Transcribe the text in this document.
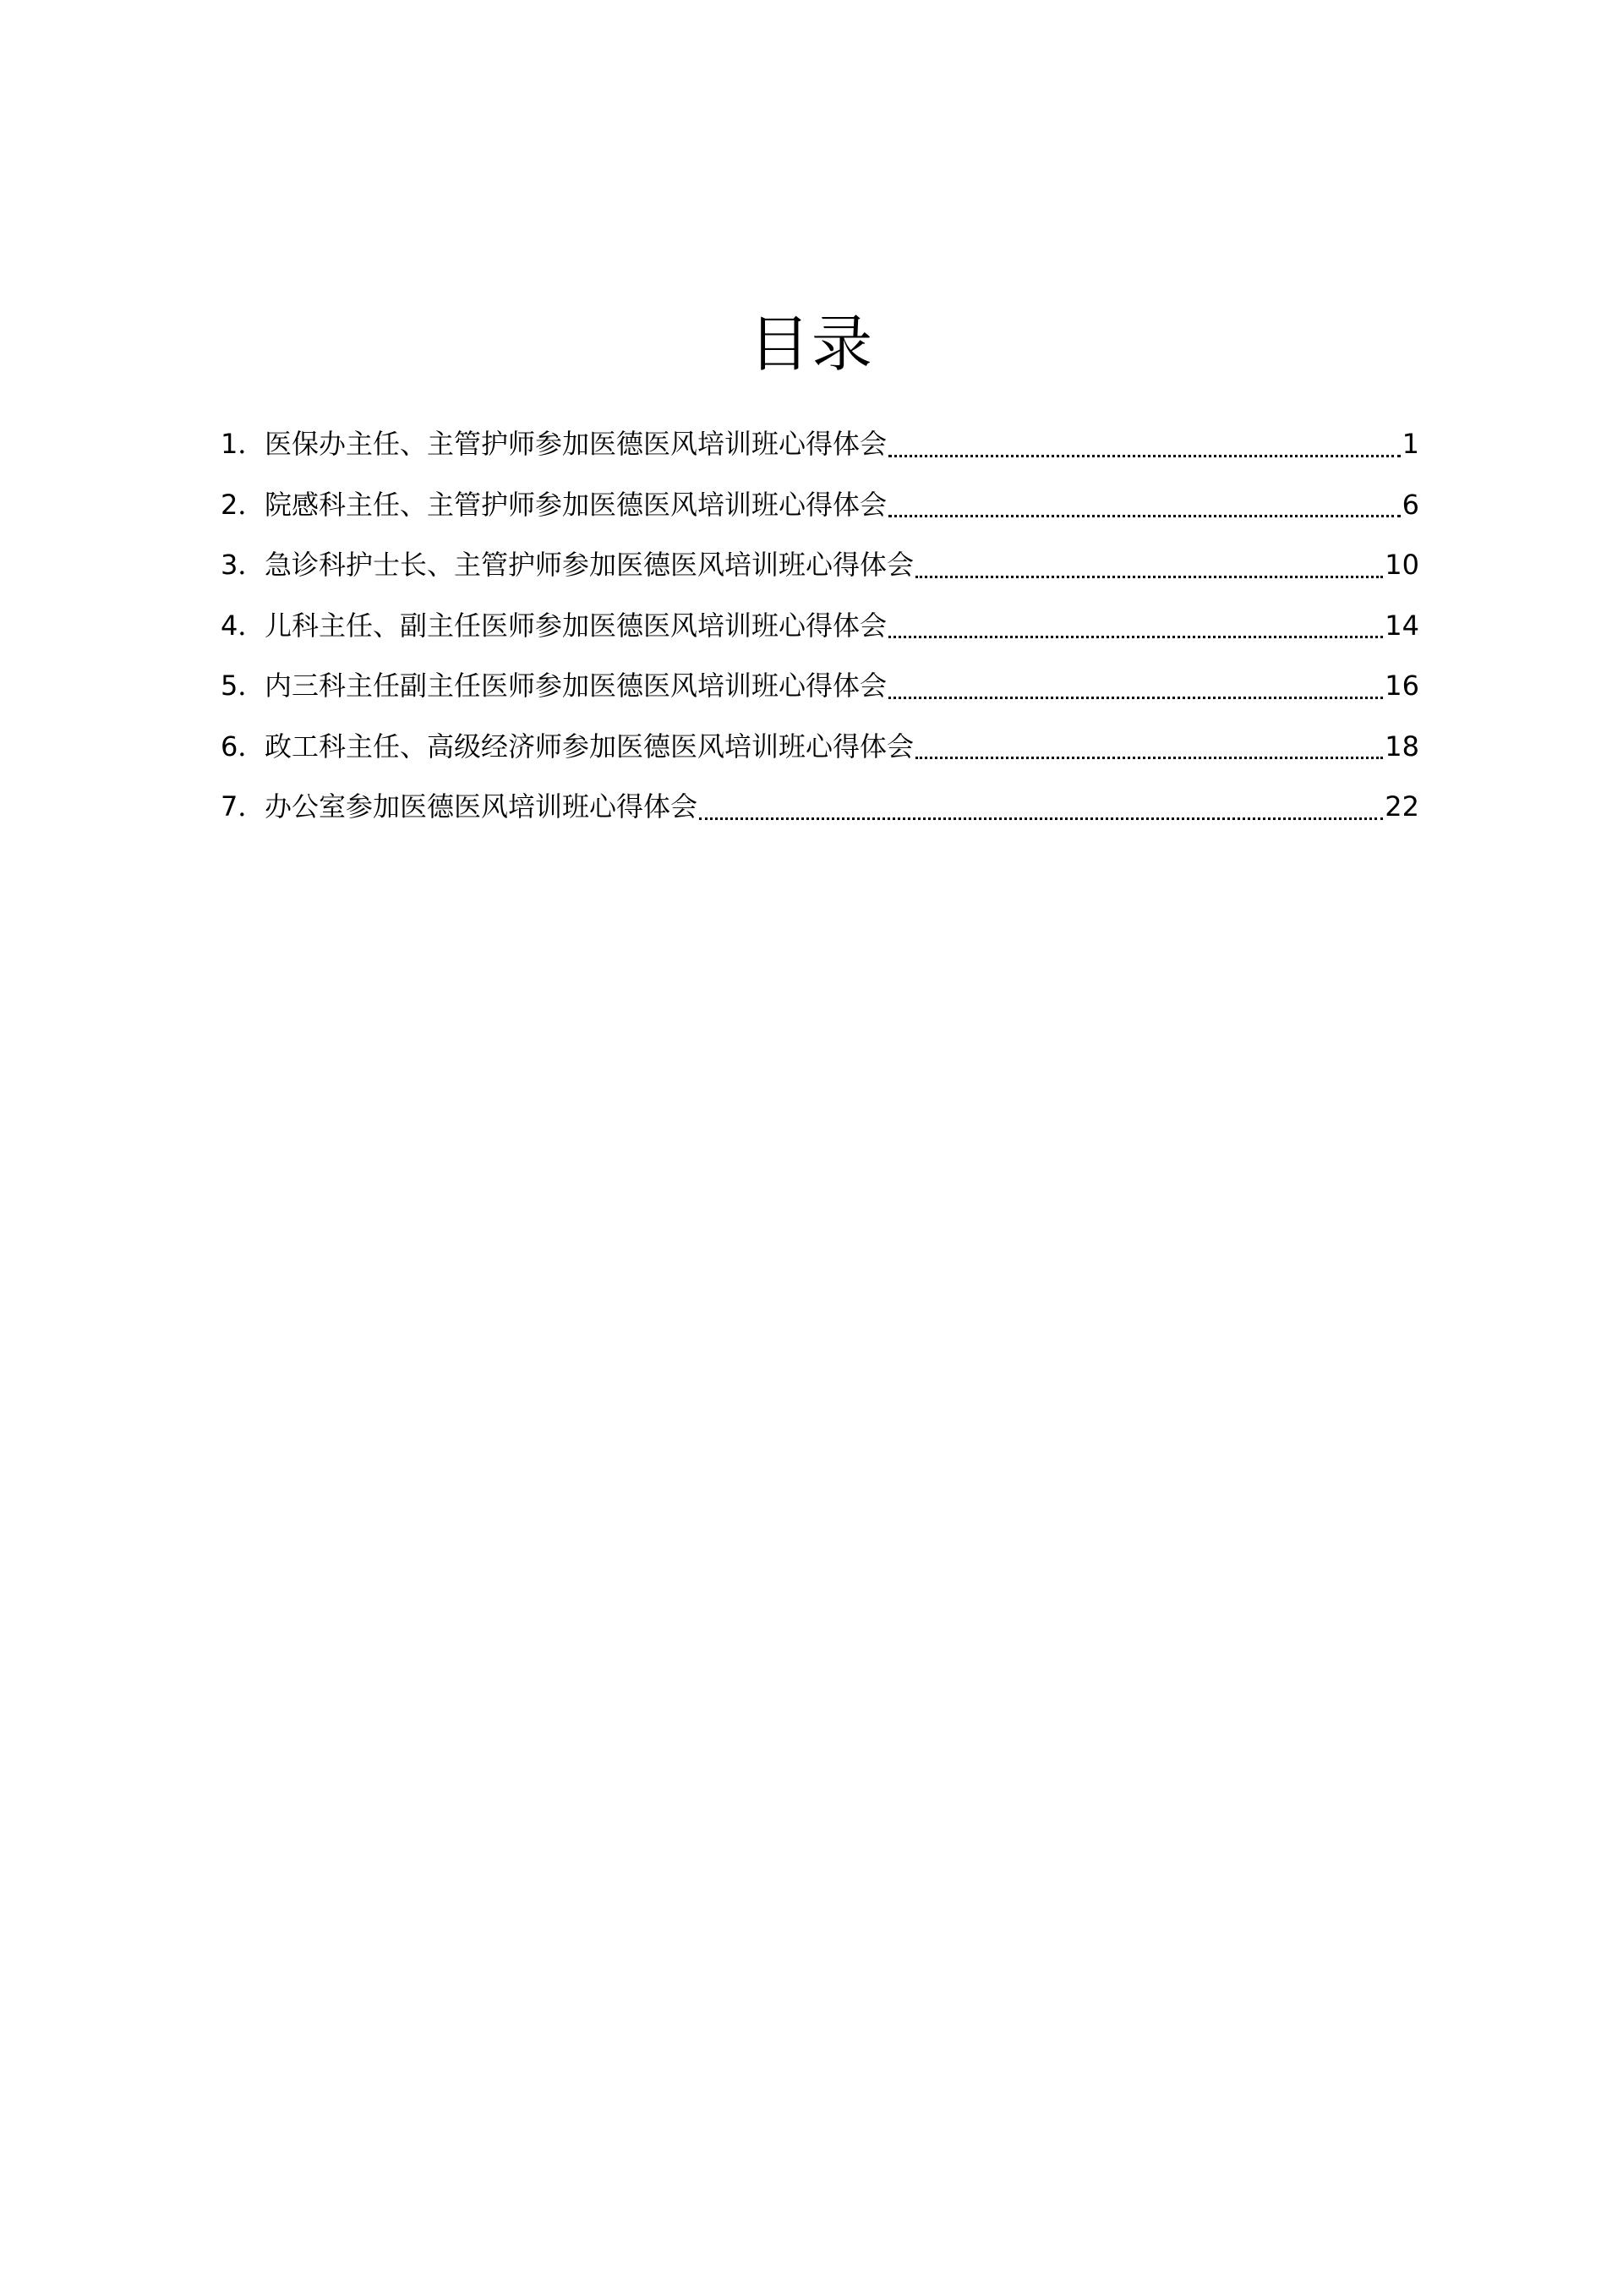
目录
1． 医保办主任、主管护师参加医德医风培训班心得体会	1
2． 院感科主任、主管护师参加医德医风培训班心得体会	6
3． 急诊科护士长、主管护师参加医德医风培训班心得体会	10
4． 儿科主任、副主任医师参加医德医风培训班心得体会	14
5． 内三科主任副主任医师参加医德医风培训班心得体会	16
6． 政工科主任、高级经济师参加医德医风培训班心得体会	18
7． 办公室参加医德医风培训班心得体会	22
